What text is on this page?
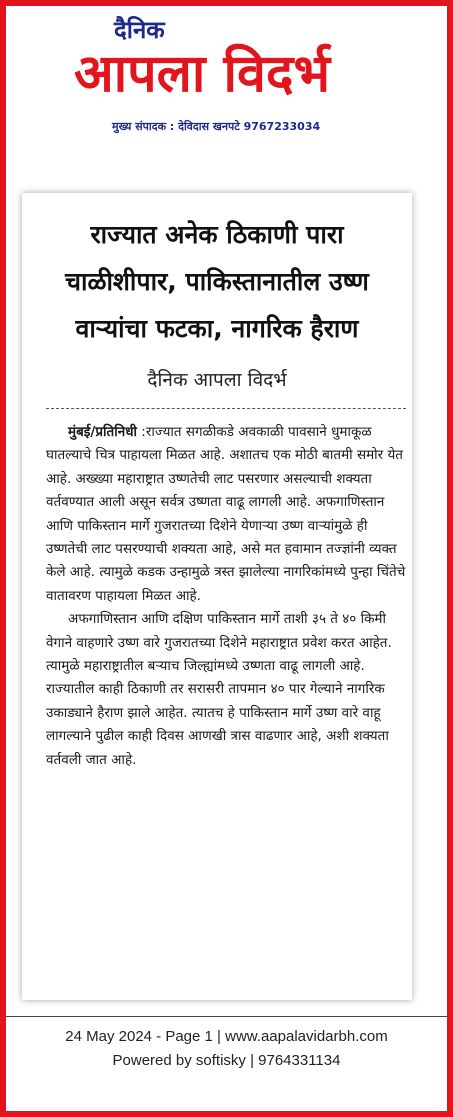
दैनिक
आपला विदर्भ
मुख्य संपादक : देविदास खनपटे 9767233034
राज्यात अनेक ठिकाणी पारा चाळीशीपार, पाकिस्तानातील उष्ण वाऱ्यांचा फटका, नागरिक हैराण
दैनिक आपला विदर्भ

मुंबई/प्रतिनिधी :राज्यात सगळीकडे अवकाळी पावसाने धुमाकूळ घातल्याचे चित्र पाहायला मिळत आहे. अशातच एक मोठी बातमी समोर येत आहे. अख्ख्या महाराष्ट्रात उष्णतेची लाट पसरणार असल्याची शक्यता वर्तवण्यात आली असून सर्वत्र उष्णता वाढू लागली आहे. अफगाणिस्तान आणि पाकिस्तान मार्गे गुजरातच्या दिशेने येणाऱ्या उष्ण वाऱ्यांमुळे ही उष्णतेची लाट पसरण्याची शक्यता आहे, असे मत हवामान तज्ज्ञांनी व्यक्त केले आहे. त्यामुळे कडक उन्हामुळे त्रस्त झालेल्या नागरिकांमध्ये पुन्हा चिंतेचे वातावरण पाहायला मिळत आहे.

अफगाणिस्तान आणि दक्षिण पाकिस्तान मार्गे ताशी ३५ ते ४० किमी वेगाने वाहणारे उष्ण वारे गुजरातच्या दिशेने महाराष्ट्रात प्रवेश करत आहेत. त्यामुळे महाराष्ट्रातील बऱ्याच जिल्ह्यांमध्ये उष्णता वाढू लागली आहे. राज्यातील काही ठिकाणी तर सरासरी तापमान ४० पार गेल्याने नागरिक उकाड्याने हैराण झाले आहेत. त्यातच हे पाकिस्तान मार्गे उष्ण वारे वाहू लागल्याने पुढील काही दिवस आणखी त्रास वाढणार आहे, अशी शक्यता वर्तवली जात आहे.

24 May 2024 - Page 1 | www.aapalavidarbh.com
Powered by softisky | 9764331134
